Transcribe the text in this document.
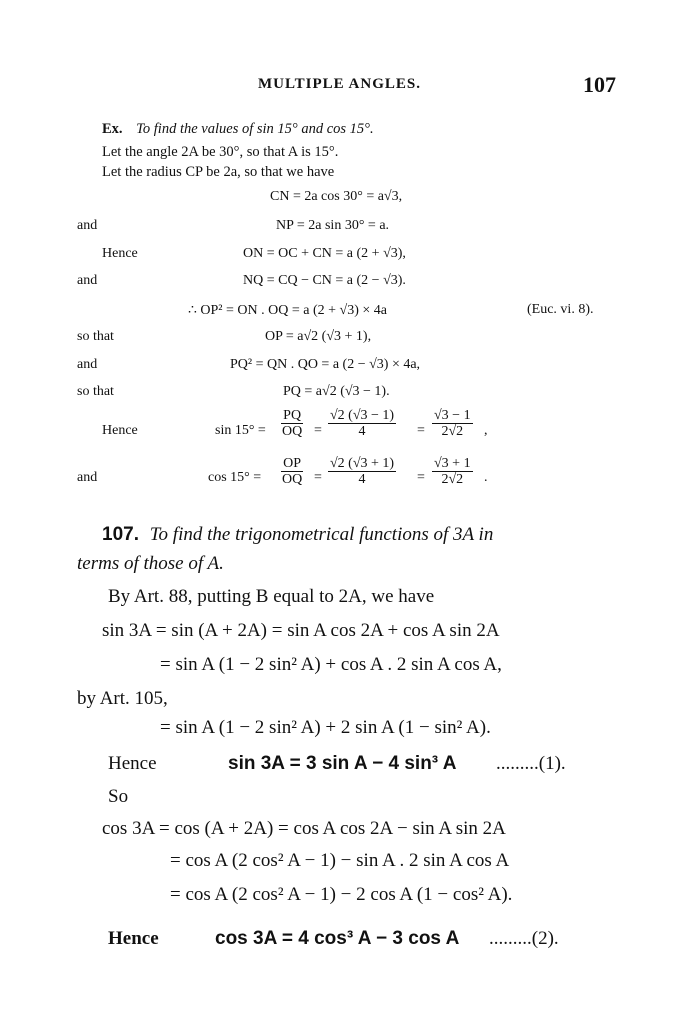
MULTIPLE ANGLES.	107
Ex. To find the values of sin 15° and cos 15°.
Let the angle 2A be 30°, so that A is 15°.
Let the radius CP be 2a, so that we have
CN = 2a cos 30° = a√3,
and	NP = 2a sin 30° = a.
Hence	ON = OC + CN = a (2 + √3),
and	NQ = CQ − CN = a (2 − √3).
∴ OP² = ON . OQ = a (2 + √3) × 4a	(Euc. vi. 8).
so that	OP = a√2 (√3 + 1),
and	PQ² = QN . QO = a (2 − √3) × 4a,
so that	PQ = a√2 (√3 − 1).
Hence	$\sin 15^\circ = \frac{PQ}{OQ} = \frac{√2 (√3 - 1)}{4} = \frac{√3 - 1}{2√2}$ ,
and	$\cos 15^\circ = \frac{OP}{OQ} = \frac{√2 (√3 + 1)}{4} = \frac{√3 + 1}{2√2}$ .
107. To find the trigonometrical functions of 3A in
terms of those of A.
By Art. 88, putting B equal to 2A, we have
sin 3A = sin (A + 2A) = sin A cos 2A + cos A sin 2A
= sin A (1 − 2 sin² A) + cos A . 2 sin A cos A,
by Art. 105,
= sin A (1 − 2 sin² A) + 2 sin A (1 − sin² A).
Hence	sin 3A = 3 sin A − 4 sin³ A .........(1).
So
cos 3A = cos (A + 2A) = cos A cos 2A − sin A sin 2A
= cos A (2 cos² A − 1) − sin A . 2 sin A cos A
= cos A (2 cos² A − 1) − 2 cos A (1 − cos² A).
Hence	cos 3A = 4 cos³ A − 3 cos A .........(2).
